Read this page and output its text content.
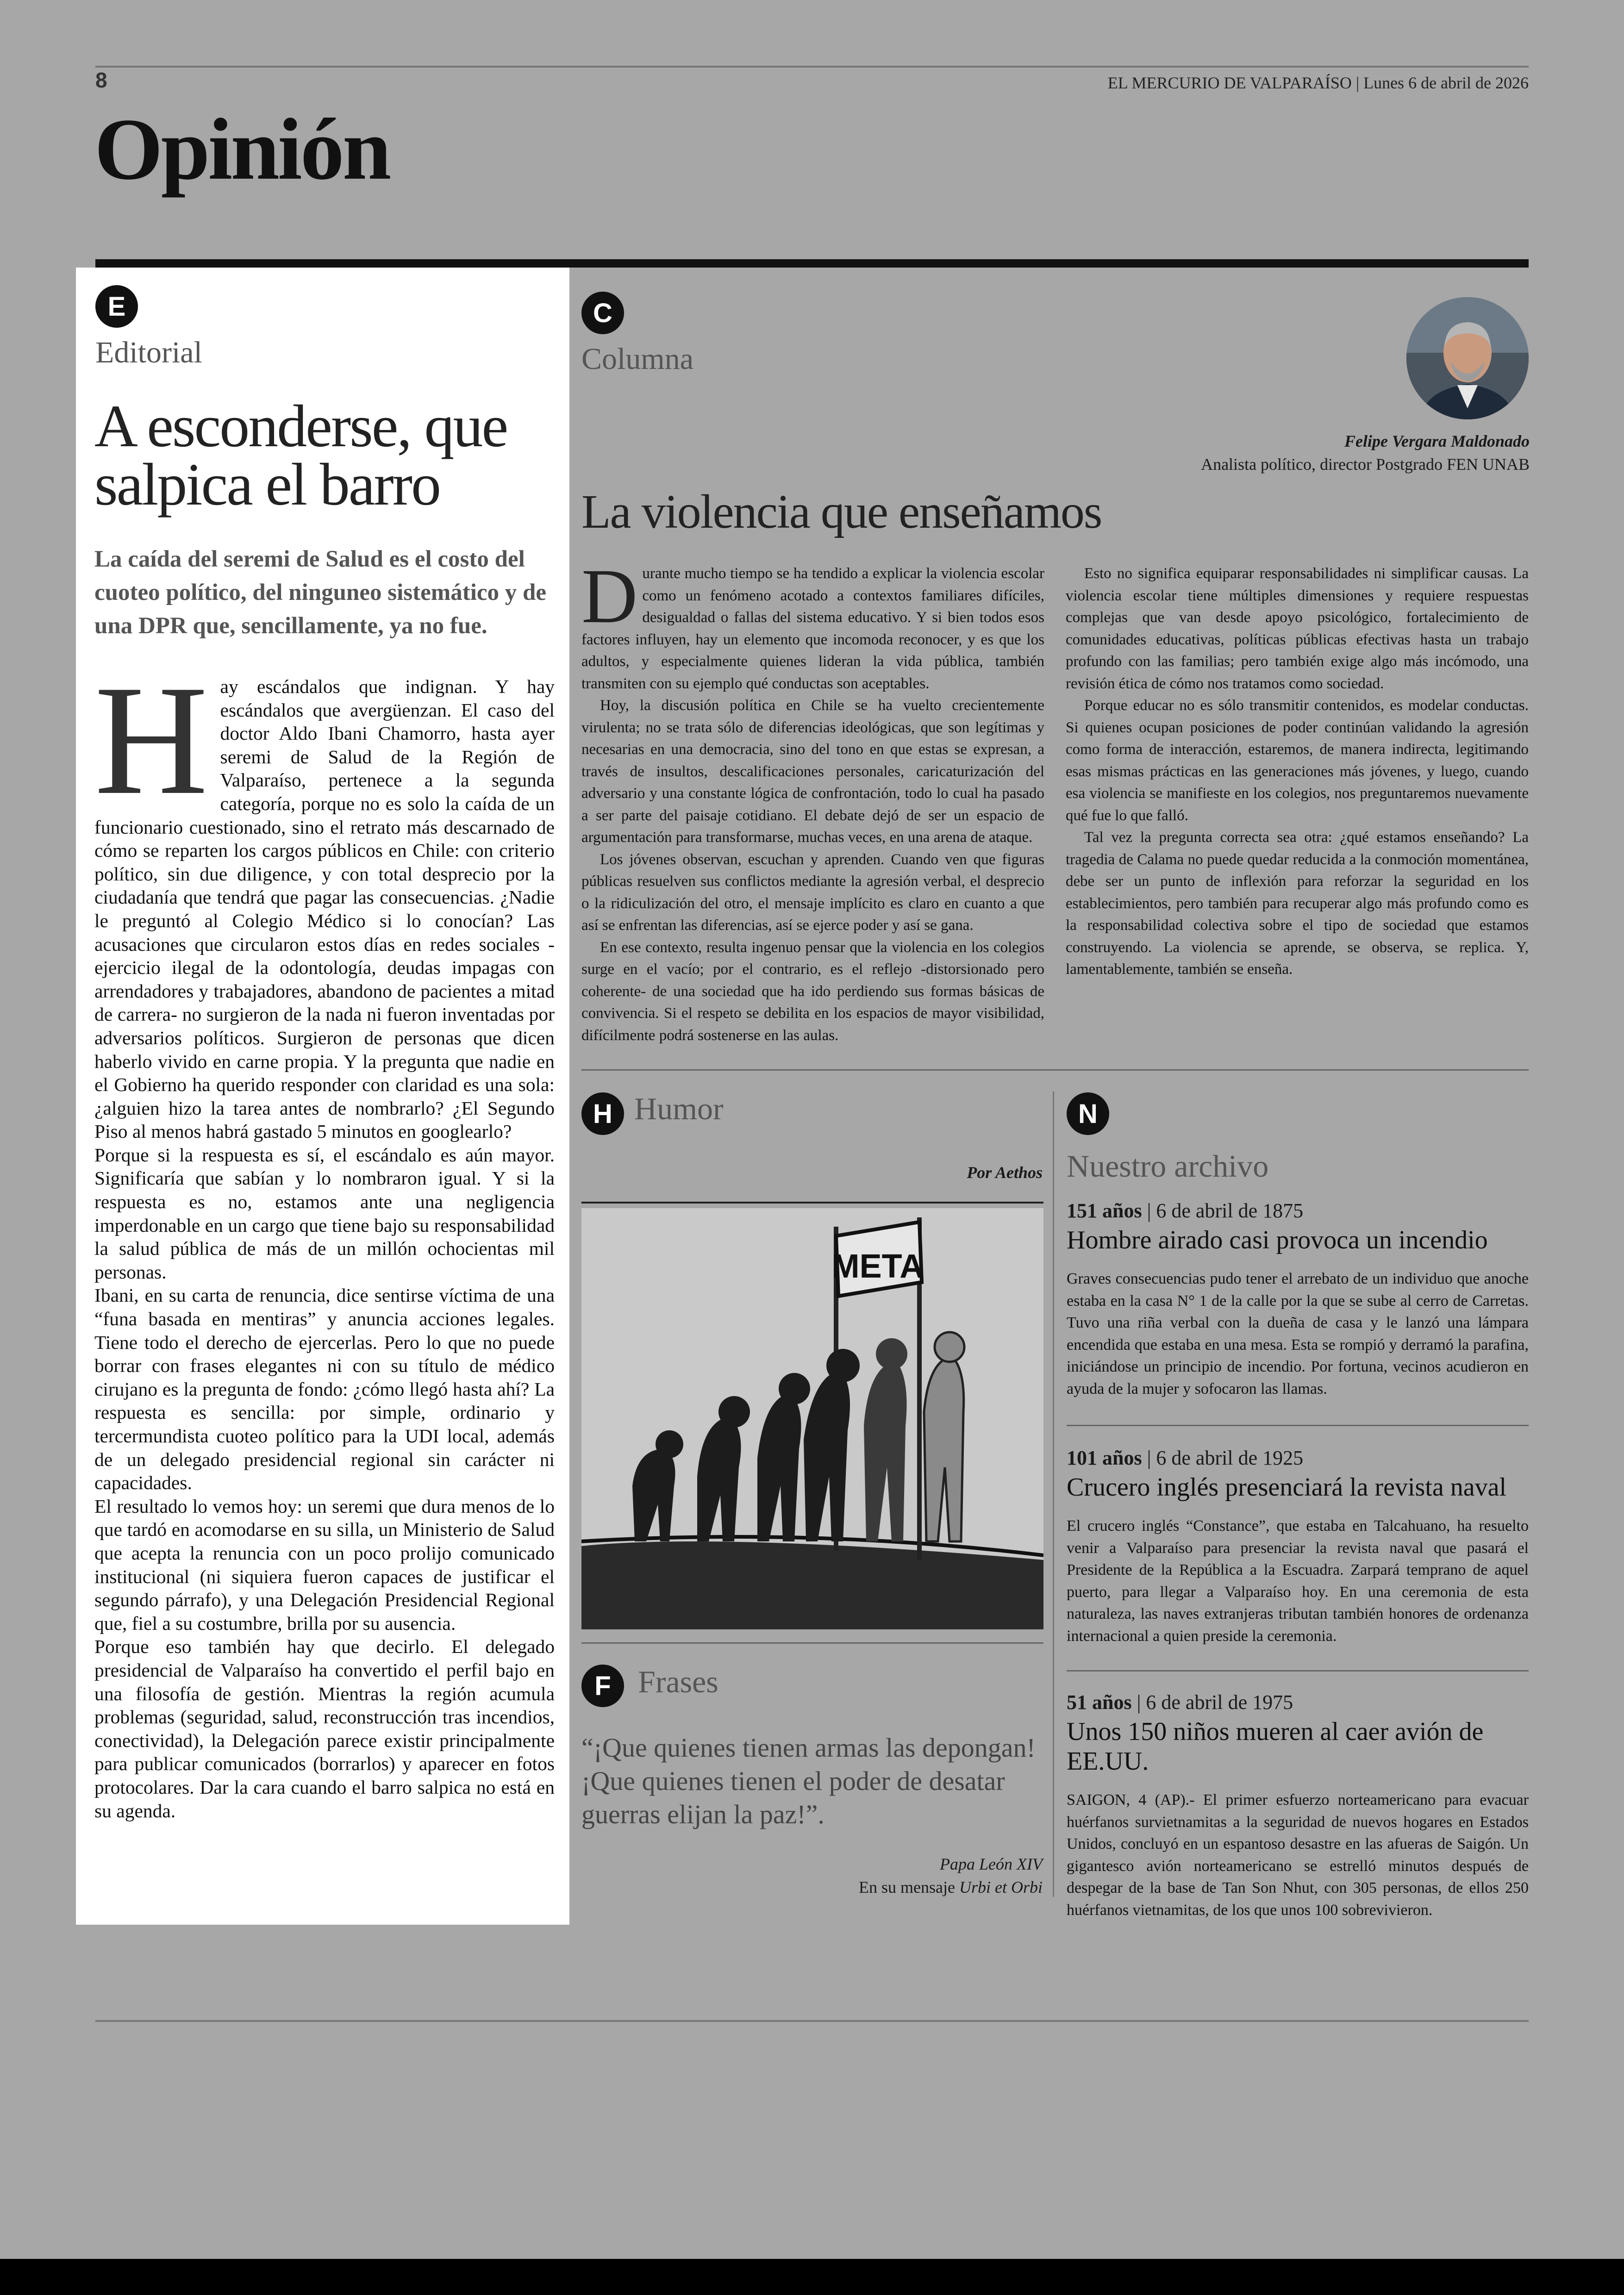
8	EL MERCURIO DE VALPARAÍSO | Lunes 6 de abril de 2026
Opinión
E
Editorial
A esconderse, que salpica el barro
La caída del seremi de Salud es el costo del cuoteo político, del ninguneo sistemático y de una DPR que, sencillamente, ya no fue.

Hay escándalos que indignan. Y hay escándalos que avergüenzan. El caso del doctor Aldo Ibani Chamorro, hasta ayer seremi de Salud de la Región de Valparaíso, pertenece a la segunda categoría, porque no es solo la caída de un funcionario cuestionado, sino el retrato más descarnado de cómo se reparten los cargos públicos en Chile: con criterio político, sin due diligence, y con total desprecio por la ciudadanía que tendrá que pagar las consecuencias. ¿Nadie le preguntó al Colegio Médico si lo conocían? Las acusaciones que circularon estos días en redes sociales -ejercicio ilegal de la odontología, deudas impagas con arrendadores y trabajadores, abandono de pacientes a mitad de carrera- no surgieron de la nada ni fueron inventadas por adversarios políticos. Surgieron de personas que dicen haberlo vivido en carne propia. Y la pregunta que nadie en el Gobierno ha querido responder con claridad es una sola: ¿alguien hizo la tarea antes de nombrarlo? ¿El Segundo Piso al menos habrá gastado 5 minutos en googlearlo?

Porque si la respuesta es sí, el escándalo es aún mayor. Significaría que sabían y lo nombraron igual. Y si la respuesta es no, estamos ante una negligencia imperdonable en un cargo que tiene bajo su responsabilidad la salud pública de más de un millón ochocientas mil personas.

Ibani, en su carta de renuncia, dice sentirse víctima de una “funa basada en mentiras” y anuncia acciones legales. Tiene todo el derecho de ejercerlas. Pero lo que no puede borrar con frases elegantes ni con su título de médico cirujano es la pregunta de fondo: ¿cómo llegó hasta ahí? La respuesta es sencilla: por simple, ordinario y tercermundista cuoteo político para la UDI local, además de un delegado presidencial regional sin carácter ni capacidades.

El resultado lo vemos hoy: un seremi que dura menos de lo que tardó en acomodarse en su silla, un Ministerio de Salud que acepta la renuncia con un poco prolijo comunicado institucional (ni siquiera fueron capaces de justificar el segundo párrafo), y una Delegación Presidencial Regional que, fiel a su costumbre, brilla por su ausencia.

Porque eso también hay que decirlo. El delegado presidencial de Valparaíso ha convertido el perfil bajo en una filosofía de gestión. Mientras la región acumula problemas (seguridad, salud, reconstrucción tras incendios, conectividad), la Delegación parece existir principalmente para publicar comunicados (borrarlos) y aparecer en fotos protocolares. Dar la cara cuando el barro salpica no está en su agenda.

C
Columna
Felipe Vergara Maldonado
Analista político, director Postgrado FEN UNAB
La violencia que enseñamos

Durante mucho tiempo se ha tendido a explicar la violencia escolar como un fenómeno acotado a contextos familiares difíciles, desigualdad o fallas del sistema educativo. Y si bien todos esos factores influyen, hay un elemento que incomoda reconocer, y es que los adultos, y especialmente quienes lideran la vida pública, también transmiten con su ejemplo qué conductas son aceptables.

Hoy, la discusión política en Chile se ha vuelto crecientemente virulenta; no se trata sólo de diferencias ideológicas, que son legítimas y necesarias en una democracia, sino del tono en que estas se expresan, a través de insultos, descalificaciones personales, caricaturización del adversario y una constante lógica de confrontación, todo lo cual ha pasado a ser parte del paisaje cotidiano. El debate dejó de ser un espacio de argumentación para transformarse, muchas veces, en una arena de ataque.

Los jóvenes observan, escuchan y aprenden. Cuando ven que figuras públicas resuelven sus conflictos mediante la agresión verbal, el desprecio o la ridiculización del otro, el mensaje implícito es claro en cuanto a que así se enfrentan las diferencias, así se ejerce poder y así se gana.

En ese contexto, resulta ingenuo pensar que la violencia en los colegios surge en el vacío; por el contrario, es el reflejo -distorsionado pero coherente- de una sociedad que ha ido perdiendo sus formas básicas de convivencia. Si el respeto se debilita en los espacios de mayor visibilidad, difícilmente podrá sostenerse en las aulas.

Esto no significa equiparar responsabilidades ni simplificar causas. La violencia escolar tiene múltiples dimensiones y requiere respuestas complejas que van desde apoyo psicológico, fortalecimiento de comunidades educativas, políticas públicas efectivas hasta un trabajo profundo con las familias; pero también exige algo más incómodo, una revisión ética de cómo nos tratamos como sociedad.

Porque educar no es sólo transmitir contenidos, es modelar conductas. Si quienes ocupan posiciones de poder continúan validando la agresión como forma de interacción, estaremos, de manera indirecta, legitimando esas mismas prácticas en las generaciones más jóvenes, y luego, cuando esa violencia se manifieste en los colegios, nos preguntaremos nuevamente qué fue lo que falló.

Tal vez la pregunta correcta sea otra: ¿qué estamos enseñando? La tragedia de Calama no puede quedar reducida a la conmoción momentánea, debe ser un punto de inflexión para reforzar la seguridad en los establecimientos, pero también para recuperar algo más profundo como es la responsabilidad colectiva sobre el tipo de sociedad que estamos construyendo. La violencia se aprende, se observa, se replica. Y, lamentablemente, también se enseña.

H Humor
Por Aethos
META
F Frases
“¡Que quienes tienen armas las depongan! ¡Que quienes tienen el poder de desatar guerras elijan la paz!”.
Papa León XIV
En su mensaje Urbi et Orbi
N
Nuestro archivo
151 años | 6 de abril de 1875
Hombre airado casi provoca un incendio
Graves consecuencias pudo tener el arrebato de un individuo que anoche estaba en la casa N° 1 de la calle por la que se sube al cerro de Carretas. Tuvo una riña verbal con la dueña de casa y le lanzó una lámpara encendida que estaba en una mesa. Esta se rompió y derramó la parafina, iniciándose un principio de incendio. Por fortuna, vecinos acudieron en ayuda de la mujer y sofocaron las llamas.
101 años | 6 de abril de 1925
Crucero inglés presenciará la revista naval
El crucero inglés “Constance”, que estaba en Talcahuano, ha resuelto venir a Valparaíso para presenciar la revista naval que pasará el Presidente de la República a la Escuadra. Zarpará temprano de aquel puerto, para llegar a Valparaíso hoy. En una ceremonia de esta naturaleza, las naves extranjeras tributan también honores de ordenanza internacional a quien preside la ceremonia.
51 años | 6 de abril de 1975
Unos 150 niños mueren al caer avión de EE.UU.
SAIGON, 4 (AP).- El primer esfuerzo norteamericano para evacuar huérfanos survietnamitas a la seguridad de nuevos hogares en Estados Unidos, concluyó en un espantoso desastre en las afueras de Saigón. Un gigantesco avión norteamericano se estrelló minutos después de despegar de la base de Tan Son Nhut, con 305 personas, de ellos 250 huérfanos vietnamitas, de los que unos 100 sobrevivieron.
